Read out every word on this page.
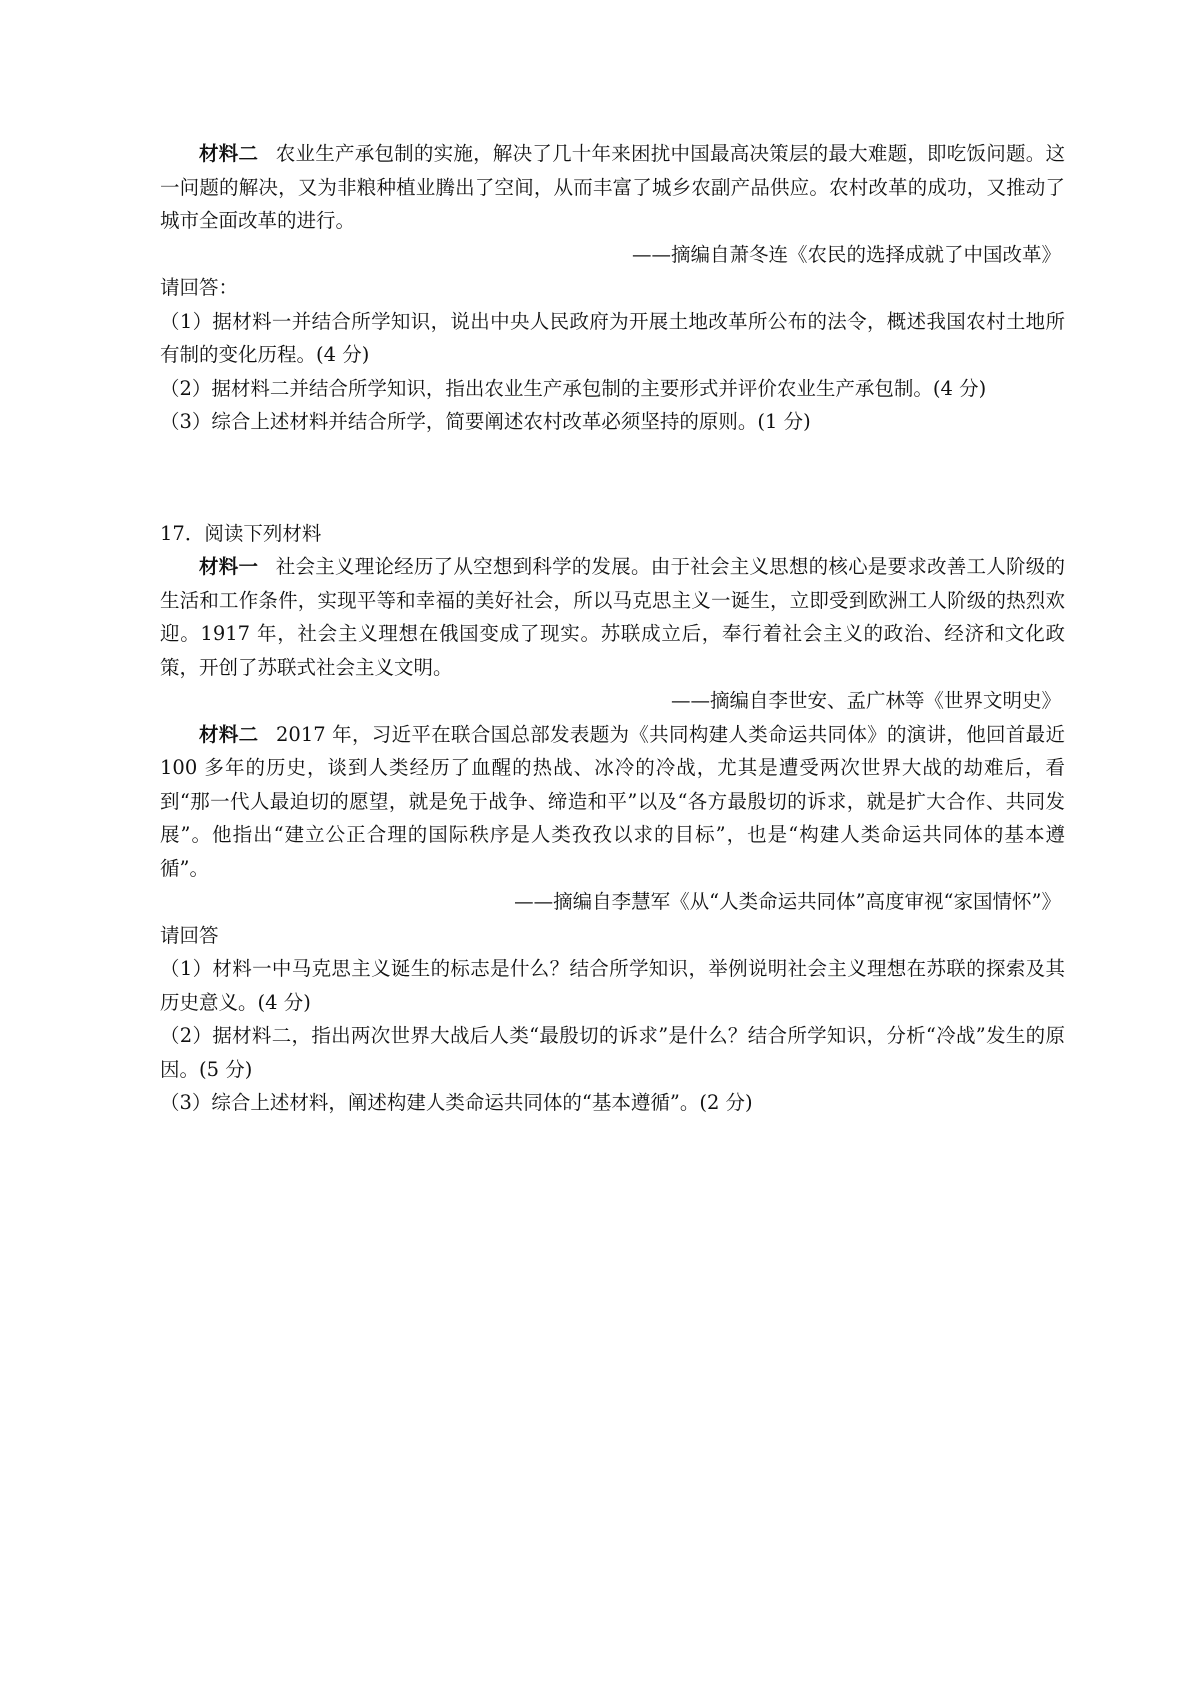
材料二 农业生产承包制的实施，解决了几十年来困扰中国最高决策层的最大难题，即吃饭问题。这一问题的解决，又为非粮种植业腾出了空间，从而丰富了城乡农副产品供应。农村改革的成功，又推动了城市全面改革的进行。

——摘编自萧冬连《农民的选择成就了中国改革》

请回答：

（1）据材料一并结合所学知识，说出中央人民政府为开展土地改革所公布的法令，概述我国农村土地所有制的变化历程。(4 分)

（2）据材料二并结合所学知识，指出农业生产承包制的主要形式并评价农业生产承包制。(4 分)

（3）综合上述材料并结合所学，简要阐述农村改革必须坚持的原则。(1 分)

17．阅读下列材料

材料一 社会主义理论经历了从空想到科学的发展。由于社会主义思想的核心是要求改善工人阶级的生活和工作条件，实现平等和幸福的美好社会，所以马克思主义一诞生，立即受到欧洲工人阶级的热烈欢迎。1917 年，社会主义理想在俄国变成了现实。苏联成立后，奉行着社会主义的政治、经济和文化政策，开创了苏联式社会主义文明。

——摘编自李世安、孟广林等《世界文明史》

材料二 2017 年，习近平在联合国总部发表题为《共同构建人类命运共同体》的演讲，他回首最近 100 多年的历史，谈到人类经历了血醒的热战、冰冷的冷战，尤其是遭受两次世界大战的劫难后，看到“那一代人最迫切的愿望，就是免于战争、缔造和平”以及“各方最殷切的诉求，就是扩大合作、共同发展”。他指出“建立公正合理的国际秩序是人类孜孜以求的目标”，也是“构建人类命运共同体的基本遵循”。

——摘编自李慧军《从“人类命运共同体”高度审视“家国情怀”》

请回答

（1）材料一中马克思主义诞生的标志是什么？结合所学知识，举例说明社会主义理想在苏联的探索及其历史意义。(4 分)

（2）据材料二，指出两次世界大战后人类“最殷切的诉求”是什么？结合所学知识，分析“冷战”发生的原因。(5 分)

（3）综合上述材料，阐述构建人类命运共同体的“基本遵循”。(2 分)
